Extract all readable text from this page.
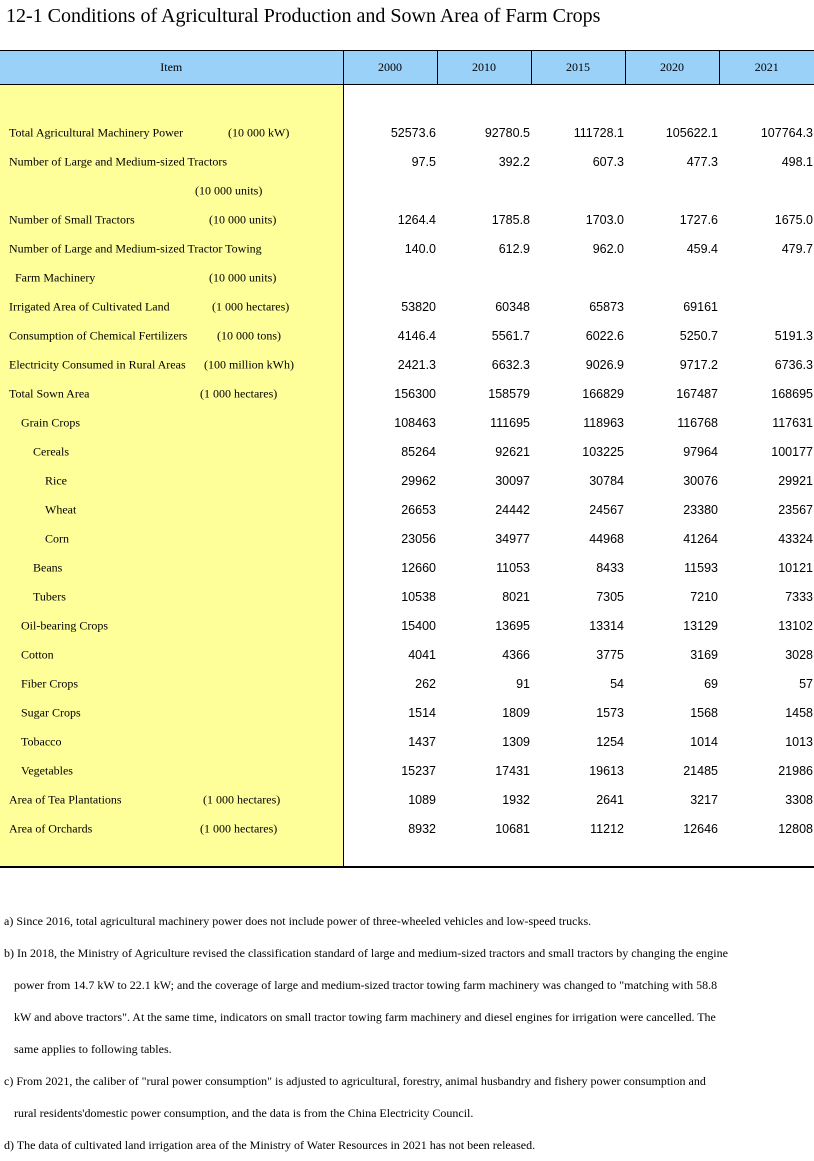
12-1 Conditions of Agricultural Production and Sown Area of Farm Crops
Item	2000	2010	2015	2020	2021

Total Agricultural Machinery Power (10 000 kW)	52573.6	92780.5	111728.1	105622.1	107764.3

Number of Large and Medium-sized Tractors	97.5	392.2	607.3	477.3	498.1

(10 000 units)					

Number of Small Tractors (10 000 units)	1264.4	1785.8	1703.0	1727.6	1675.0

Number of Large and Medium-sized Tractor Towing	140.0	612.9	962.0	459.4	479.7

Farm Machinery (10 000 units)					

Irrigated Area of Cultivated Land (1 000 hectares)	53820	60348	65873	69161	

Consumption of Chemical Fertilizers (10 000 tons)	4146.4	5561.7	6022.6	5250.7	5191.3

Electricity Consumed in Rural Areas (100 million kWh)	2421.3	6632.3	9026.9	9717.2	6736.3

Total Sown Area (1 000 hectares)	156300	158579	166829	167487	168695

Grain Crops	108463	111695	118963	116768	117631

Cereals	85264	92621	103225	97964	100177

Rice	29962	30097	30784	30076	29921

Wheat	26653	24442	24567	23380	23567

Corn	23056	34977	44968	41264	43324

Beans	12660	11053	8433	11593	10121

Tubers	10538	8021	7305	7210	7333

Oil-bearing Crops	15400	13695	13314	13129	13102

Cotton	4041	4366	3775	3169	3028

Fiber Crops	262	91	54	69	57

Sugar Crops	1514	1809	1573	1568	1458

Tobacco	1437	1309	1254	1014	1013

Vegetables	15237	17431	19613	21485	21986

Area of Tea Plantations (1 000 hectares)	1089	1932	2641	3217	3308

Area of Orchards (1 000 hectares)	8932	10681	11212	12646	12808

a) Since 2016, total agricultural machinery power does not include power of three-wheeled vehicles and low-speed trucks.
b) In 2018, the Ministry of Agriculture revised the classification standard of large and medium-sized tractors and small tractors by changing the engine
power from 14.7 kW to 22.1 kW; and the coverage of large and medium-sized tractor towing farm machinery was changed to "matching with 58.8
kW and above tractors". At the same time, indicators on small tractor towing farm machinery and diesel engines for irrigation were cancelled. The
same applies to following tables.
c) From 2021, the caliber of "rural power consumption" is adjusted to agricultural, forestry, animal husbandry and fishery power consumption and
rural residents'domestic power consumption, and the data is from the China Electricity Council.
d) The data of cultivated land irrigation area of the Ministry of Water Resources in 2021 has not been released.
